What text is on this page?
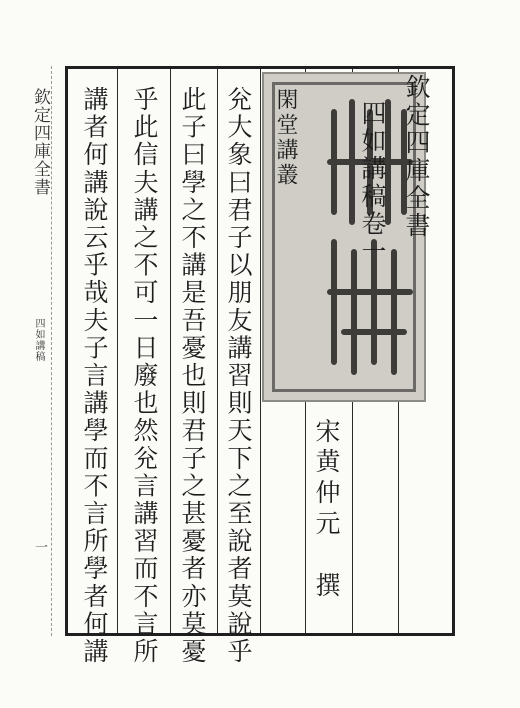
欽定四庫全書
四如講稿
一
閑堂講叢	欽定四庫全書
四如講稿卷一
宋
黄仲元　撰
兊大象曰君子以朋友講習則天下之至說者莫說乎
此子曰學之不講是吾憂也則君子之甚憂者亦莫憂
乎此信夫講之不可一日廢也然兊言講習而不言所
講者何講說云乎哉夫子言講學而不言所學者何講
